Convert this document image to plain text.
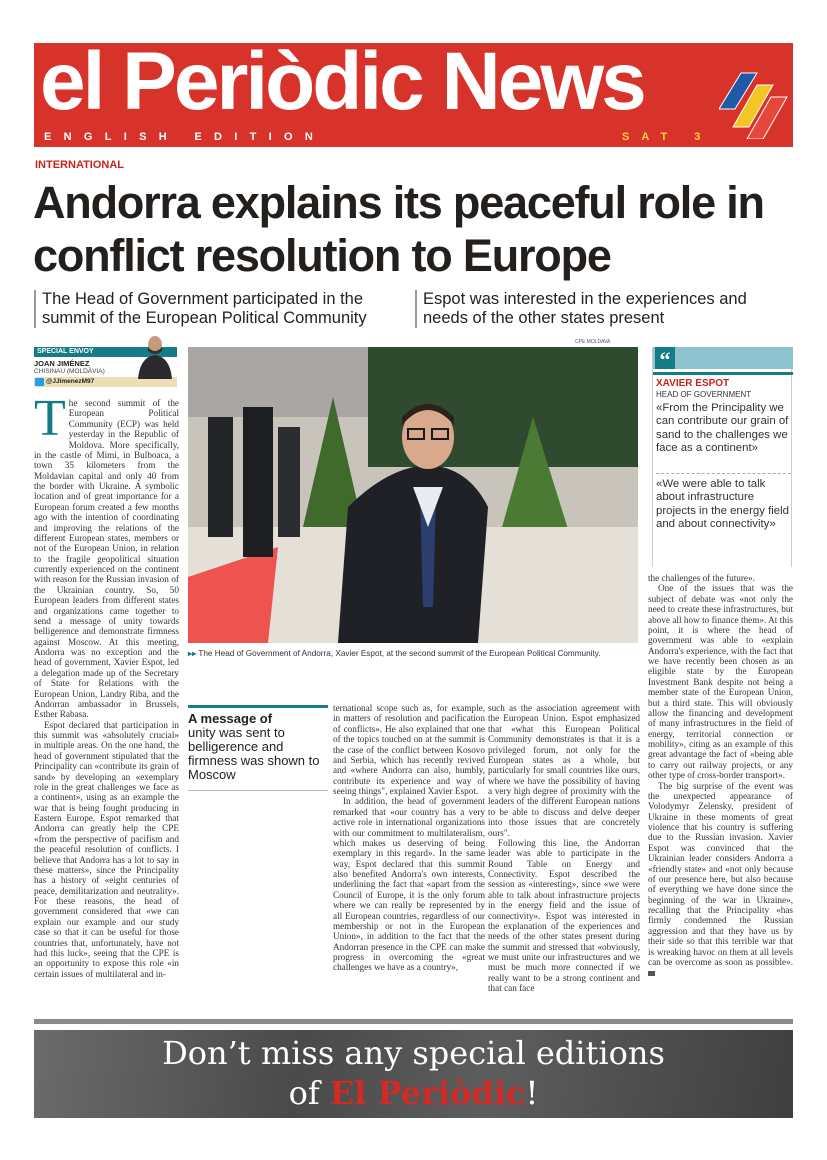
el Periòdic News
ENGLISH EDITION	SAT 3
INTERNATIONAL
Andorra explains its peaceful role in conflict resolution to Europe
The Head of Government participated in the summit of the European Political Community
Espot was interested in the experiences and needs of the other states present
SPECIAL ENVOY
JOAN JIMÉNEZ
CHISINAU (MOLDÀVIA)
@JJimenezM97
CPE MOLDAVA
▸▸ The Head of Government of Andorra, Xavier Espot, at the second summit of the European Political Community.
“
XAVIER ESPOT
HEAD OF GOVERNMENT
«From the Principality we can contribute our grain of sand to the challenges we face as a continent»
«We were able to talk about infrastructure projects in the energy field and about connectivity»

The second summit of the European Political Community (ECP) was held yesterday in the Republic of Moldova. More specifically, in the castle of Mimi, in Bulboaca, a town 35 kilometers from the Moldavian capital and only 40 from the border with Ukraine. A symbolic location and of great importance for a European forum created a few months ago with the intention of coordinating and improving the relations of the different European states, members or not of the European Union, in relation to the fragile geopolitical situation currently experienced on the continent with reason for the Russian invasion of the Ukrainian country. So, 50 European leaders from different states and organizations came together to send a message of unity towards belligerence and demonstrate firmness against Moscow. At this meeting, Andorra was no exception and the head of government, Xavier Espot, led a delegation made up of the Secretary of State for Relations with the European Union, Landry Riba, and the Andorran ambassador in Brussels, Esther Rabasa.

Espot declared that participation in this summit was «absolutely crucial» in multiple areas. On the one hand, the head of government stipulated that the Principality can «contribute its grain of sand» by developing an «exemplary role in the great challenges we face as a continent», using as an example the war that is being fought producing in Eastern Europe. Espot remarked that Andorra can greatly help the CPE «from the perspective of pacifism and the peaceful resolution of conflicts. I believe that Andorra has a lot to say in these matters», since the Principality has a history of «eight centuries of peace, demilitarization and neutrality». For these reasons, the head of government considered that «we can explain our example and our study case so that it can be useful for those countries that, unfortunately, have not had this luck», seeing that the CPE is an opportunity to expose this role «in certain issues of multilateral and in-

A message of
unity was sent to belligerence and firmness was shown to Moscow

ternational scope such as, for example, in matters of resolution and pacification of conflicts». He also explained that one of the topics touched on at the summit is the case of the conflict between Kosovo and Serbia, which has recently revived and «where Andorra can also, humbly, contribute its experience and way of seeing things", explained Xavier Espot.

In addition, the head of government remarked that «our country has a very active role in international organizations with our commitment to multilateralism, which makes us deserving of being exemplary in this regard». In the same way, Espot declared that this summit also benefited Andorra's own interests, underlining the fact that «apart from the Council of Europe, it is the only forum where we can really be represented by all European countries, regardless of our membership or not in the European Union», in addition to the fact that the Andorran presence in the CPE can make progress in overcoming the «great challenges we have as a country»,

such as the association agreement with the European Union. Espot emphasized that «what this European Political Community demonstrates is that it is a privileged forum, not only for the European states as a whole, but particularly for small countries like ours, where we have the possibility of having a very high degree of proximity with the leaders of the different European nations to be able to discuss and delve deeper into those issues that are concretely ours".

Following this line, the Andorran leader was able to participate in the Round Table on Energy and Connectivity. Espot described the session as «interesting», since «we were able to talk about infrastructure projects in the energy field and the issue of connectivity». Espot was interested in the explanation of the experiences and needs of the other states present during the summit and stressed that «obviously, we must unite our infrastructures and we must be much more connected if we really want to be a strong continent and that can face

the challenges of the future».

One of the issues that was the subject of debate was «not only the need to create these infrastructures, but above all how to finance them». At this point, it is where the head of government was able to «explain Andorra's experience, with the fact that we have recently been chosen as an eligible state by the European Investment Bank despite not being a member state of the European Union, but a third state. This will obviously allow the financing and development of many infrastructures in the field of energy, territorial connection or mobility», citing as an example of this great advantage the fact of «being able to carry out railway projects, or any other type of cross-border transport».

The big surprise of the event was the unexpected appearance of Volodymyr Zelensky, president of Ukraine in these moments of great violence that his country is suffering due to the Russian invasion. Xavier Espot was convinced that the Ukrainian leader considers Andorra a «friendly state» and «not only because of our presence here, but also because of everything we have done since the beginning of the war in Ukraine», recalling that the Principality «has firmly condemned the Russian aggression and that they have us by their side so that this terrible war that is wreaking havoc on them at all levels can be overcome as soon as possible».

Don’t miss any special editions
of El Periòdic!
